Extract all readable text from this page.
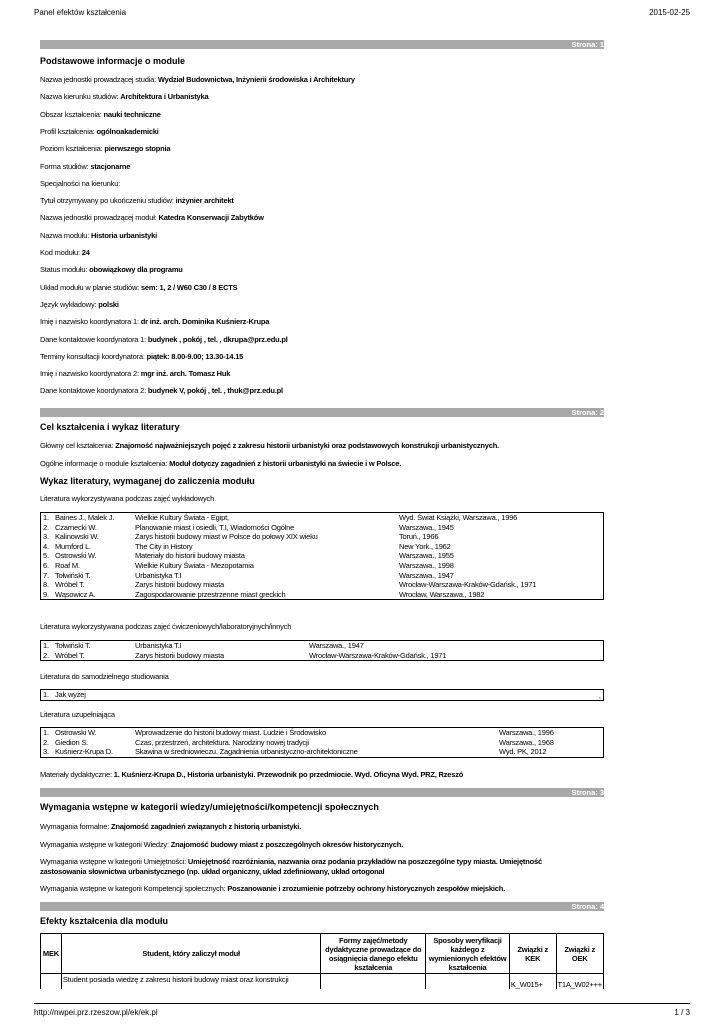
Panel efektów kształcenia	2015-02-25
Strona: 1
Podstawowe informacje o module
Nazwa jednostki prowadzącej studia: Wydział Budownictwa, Inżynierii środowiska i Architektury
Nazwa kierunku studiów: Architektura i Urbanistyka
Obszar kształcenia: nauki techniczne
Profil kształcenia: ogólnoakademicki
Poziom kształcenia: pierwszego stopnia
Forma studiów: stacjonarne
Specjalności na kierunku:
Tytuł otrzymywany po ukończeniu studiów: inżynier architekt
Nazwa jednostki prowadzącej moduł: Katedra Konserwacji Zabytków
Nazwa modułu: Historia urbanistyki
Kod modułu: 24
Status modułu: obowiązkowy dla programu
Układ modułu w planie studiów: sem: 1, 2 / W60 C30 / 8 ECTS
Język wykładowy: polski
Imię i nazwisko koordynatora 1: dr inż. arch. Dominika Kuśnierz-Krupa
Dane kontaktowe koordynatora 1: budynek , pokój , tel. , dkrupa@prz.edu.pl
Terminy konsultacji koordynatora: piątek: 8.00-9.00; 13.30-14.15
Imię i nazwisko koordynatora 2: mgr inż. arch. Tomasz Huk
Dane kontaktowe koordynatora 2: budynek V, pokój , tel. , thuk@prz.edu.pl
Strona: 2
Cel kształcenia i wykaz literatury
Główny cel kształcenia: Znajomość najważniejszych pojęć z zakresu historii urbanistyki oraz podstawowych konstrukcji urbanistycznych.
Ogólne informacje o module kształcenia: Moduł dotyczy zagadnień z historii urbanistyki na świecie i w Polsce.
Wykaz literatury, wymaganej do zaliczenia modułu
Literatura wykorzystywana podczas zajęć wykładowych
1.	Baines J., Malek J.	Wielkie Kultury Świata - Egipt,	Wyd. Świat Książki, Warszawa., 1996
2.	Czarnecki W.	Planowanie miast i osiedli, T.I, Wiadomości Ogólne	Warszawa., 1945
3.	Kalinowski W.	Zarys historii budowy miast w Polsce do połowy XIX wieku	Toruń., 1966
4.	Mumford L.	The City in History	New York., 1962
5.	Ostrowski W.	Materiały do historii budowy miasta	Warszawa., 1955
6.	Roaf M.	Wielkie Kultury Świata - Mezopotamia	Warszawa., 1998
7.	Tołwiński T.	Urbanistyka T.I	Warszawa., 1947
8.	Wróbel T.	Zarys historii budowy miasta	Wrocław-Warszawa-Kraków-Gdańsk., 1971
9.	Wąsowicz A.	Zagospodarowanie przestrzenne miast greckich	Wrocław, Warszawa., 1982
Literatura wykorzystywana podczas zajęć ćwiczeniowych/laboratoryjnych/innych
1.	Tołwiński T.	Urbanistyka T.I	Warszawa., 1947
2.	Wróbel T.	Zarys historii budowy miasta	Wrocław-Warszawa-Kraków-Gdańsk., 1971
Literatura do samodzielnego studiowania
1.	Jak wyżej		¸
Literatura uzupełniająca
1.	Ostrowski W.	Wprowadzenie do historii budowy miast. Ludzie i Środowisko	Warszawa., 1996
2.	Giedion S.	Czas, przestrzeń, architektura. Narodziny nowej tradycji	Warszawa., 1968
3.	Kuśnierz-Krupa D.	Skawina w średniowieczu. Zagadnienia urbanistyczno-architektoniczne	Wyd. PK, 2012
Materiały dydaktyczne: 1. Kuśnierz-Krupa D., Historia urbanistyki. Przewodnik po przedmiocie. Wyd. Oficyna Wyd. PRZ, Rzeszó
Strona: 3
Wymagania wstępne w kategorii wiedzy/umiejętności/kompetencji społecznych
Wymagania formalne: Znajomość zagadnień związanych z historią urbanistyki.
Wymagania wstępne w kategorii Wiedzy: Znajomość budowy miast z poszczególnych okresów historycznych.
Wymagania wstępne w kategorii Umiejętności: Umiejętność rozróżniania, nazwania oraz podania przykładów na poszczególne typy miasta. Umiejętność
zastosowania słownictwa urbanistycznego (np. układ organiczny, układ zdefiniowany, układ ortogonal
Wymagania wstępne w kategorii Kompetencji społecznych: Poszanowanie i zrozumienie potrzeby ochrony historycznych zespołów miejskich.
Strona: 4
Efekty kształcenia dla modułu
MEK	Student, który zaliczył moduł	Formy zajęć/metody dydaktyczne prowadzące do osiągnięcia danego efektu kształcenia	Sposoby weryfikacji każdego z wymienionych efektów kształcenia	Związki z KEK	Związki z OEK
	Student posiada wiedzę z zakresu historii budowy miast oraz konstrukcji			K_W015+	T1A_W02+++
http://nwpei.prz.rzeszow.pl/ek/ek.pl	1 / 3
